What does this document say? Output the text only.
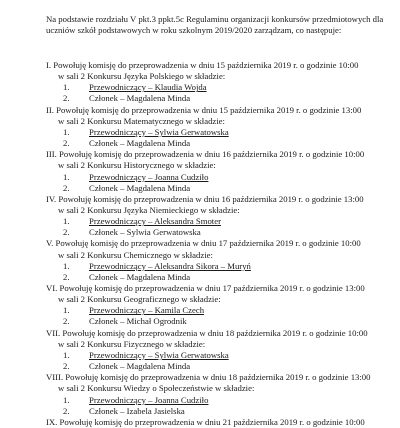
Na podstawie rozdziału V pkt.3 ppkt.5c Regulaminu organizacji konkursów przedmiotowych dla uczniów szkół podstawowych w roku szkolnym 2019/2020 zarządzam, co następuje:

I. Powołuję komisję do przeprowadzenia w dniu 15 października 2019 r. o godzinie 10:00
w sali 2 Konkursu Języka Polskiego w składzie:
1. Przewodniczący – Klaudia Wojda
2. Członek – Magdalena Minda
II. Powołuję komisję do przeprowadzenia w dniu 15 października 2019 r. o godzinie 13:00
w sali 2 Konkursu Matematycznego w składzie:
1. Przewodniczący – Sylwia Gerwatowska
2. Członek – Magdalena Minda
III. Powołuję komisję do przeprowadzenia w dniu 16 października 2019 r. o godzinie 10:00
w sali 2 Konkursu Historycznego w składzie:
1. Przewodniczący – Joanna Cudziło
2. Członek – Magdalena Minda
IV. Powołuję komisję do przeprowadzenia w dniu 16 października 2019 r. o godzinie 13:00
w sali 2 Konkursu Języka Niemieckiego w składzie:
1. Przewodniczący – Aleksandra Smoter
2. Członek – Sylwia Gerwatowska
V. Powołuję komisję do przeprowadzenia w dniu 17 października 2019 r. o godzinie 10:00
w sali 2 Konkursu Chemicznego w składzie:
1. Przewodniczący – Aleksandra Sikora – Muryń
2. Członek – Magdalena Minda
VI. Powołuję komisję do przeprowadzenia w dniu 17 października 2019 r. o godzinie 13:00
w sali 2 Konkursu Geograficznego w składzie:
1. Przewodniczący – Kamila Czech
2. Członek – Michał Ogrodnik
VII. Powołuję komisję do przeprowadzenia w dniu 18 października 2019 r. o godzinie 10:00
w sali 2 Konkursu Fizycznego w składzie:
1. Przewodniczący – Sylwia Gerwatowska
2. Członek – Magdalena Minda
VIII. Powołuję komisję do przeprowadzenia w dniu 18 października 2019 r. o godzinie 13:00
w sali 2 Konkursu Wiedzy o Społeczeństwie w składzie:
1. Przewodniczący – Joanna Cudziło
2. Członek – Izabela Jasielska
IX. Powołuję komisję do przeprowadzenia w dniu 21 października 2019 r. o godzinie 10:00
